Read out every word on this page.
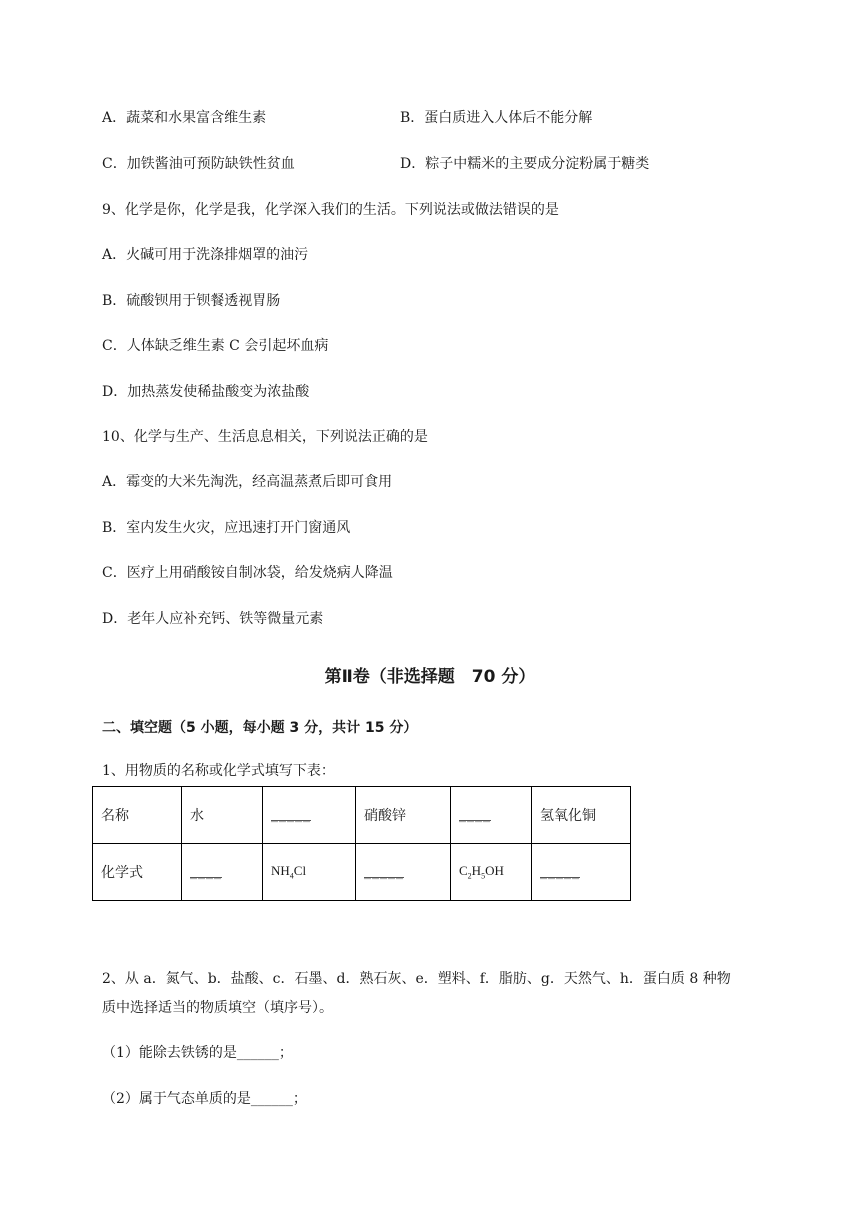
A．蔬菜和水果富含维生素	B．蛋白质进入人体后不能分解
C．加铁酱油可预防缺铁性贫血	D．粽子中糯米的主要成分淀粉属于糖类
9、化学是你，化学是我，化学深入我们的生活。下列说法或做法错误的是
A．火碱可用于洗涤排烟罩的油污
B．硫酸钡用于钡餐透视胃肠
C．人体缺乏维生素 C 会引起坏血病
D．加热蒸发使稀盐酸变为浓盐酸
10、化学与生产、生活息息相关，下列说法正确的是
A．霉变的大米先淘洗，经高温蒸煮后即可食用
B．室内发生火灾，应迅速打开门窗通风
C．医疗上用硝酸铵自制冰袋，给发烧病人降温
D．老年人应补充钙、铁等微量元素
第Ⅱ卷（非选择题　70 分）
二、填空题（5 小题，每小题 3 分，共计 15 分）
1、用物质的名称或化学式填写下表：
名称	水	_____	硝酸锌	____	氢氧化铜
化学式	____	$NH_4Cl$	_____	$C_2H_5OH$	_____
2、从 a．氮气、b．盐酸、c．石墨、d．熟石灰、e．塑料、f．脂肪、g．天然气、h．蛋白质 8 种物
质中选择适当的物质填空（填序号）。
（1）能除去铁锈的是______；
（2）属于气态单质的是______；
